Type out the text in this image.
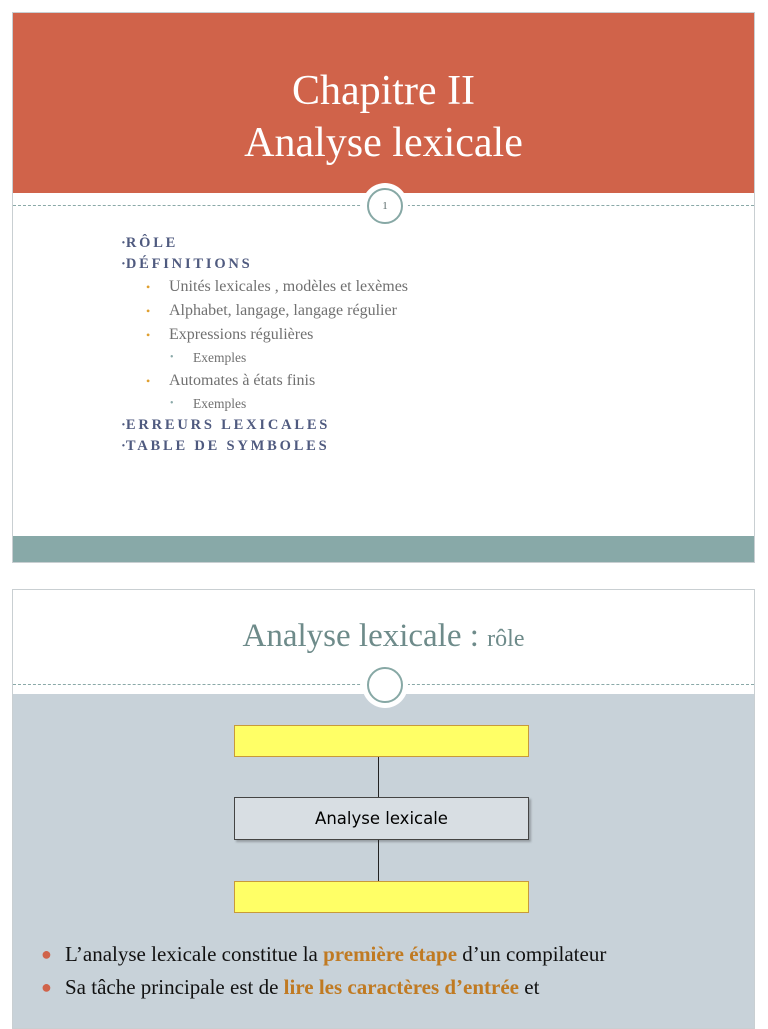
Chapitre II
Analyse lexicale
1
·RÔLE
·DÉFINITIONS
• Unités lexicales , modèles et lexèmes
• Alphabet, langage, langage régulier
• Expressions régulières
• Exemples
• Automates à états finis
• Exemples
·ERREURS LEXICALES
·TABLE DE SYMBOLES
Analyse lexicale : rôle
Analyse lexicale
● L’analyse lexicale constitue la première étape d’un compilateur
● Sa tâche principale est de lire les caractères d’entrée et
